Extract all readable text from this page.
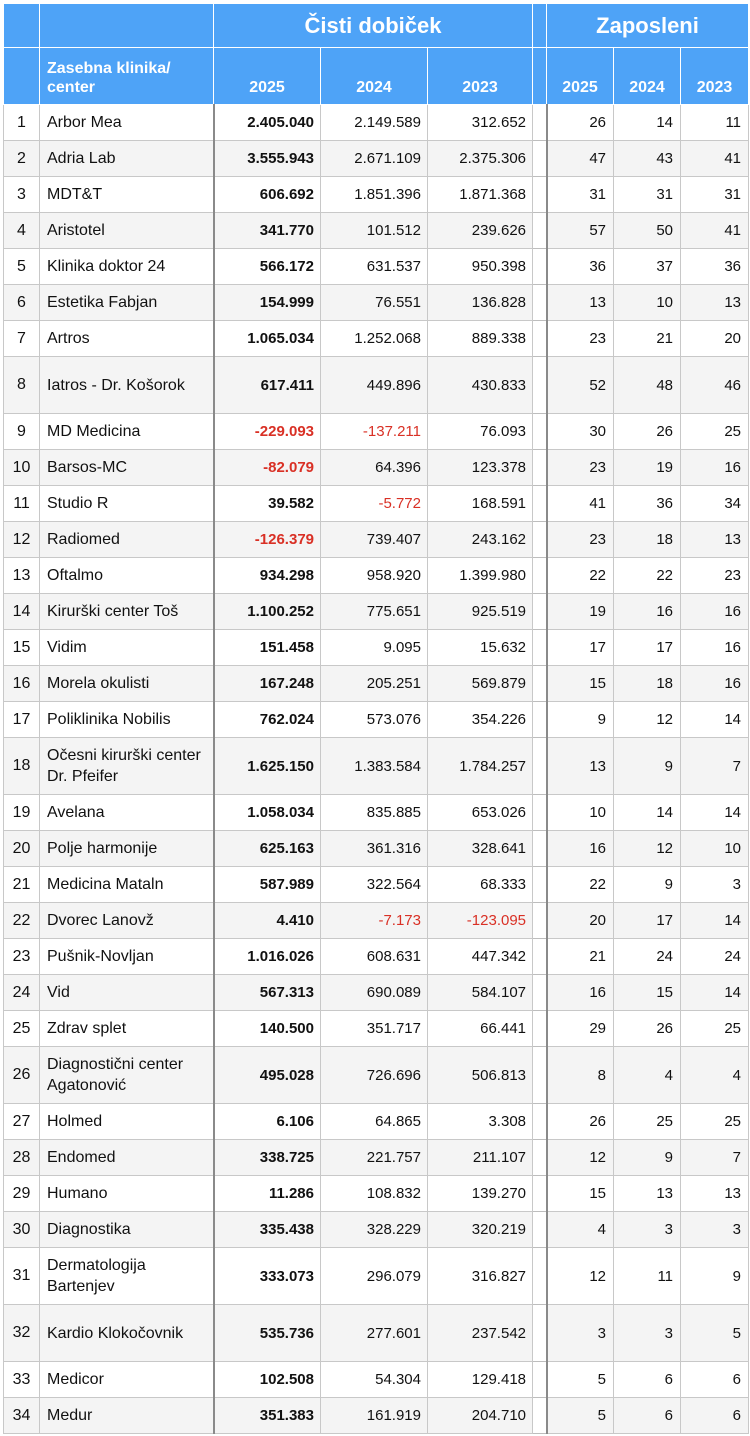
		Čisti dobiček				Zaposleni		
	Zasebna klinika/ center	2025	2024	2023		2025	2024	2023
1	Arbor Mea	2.405.040	2.149.589	312.652		26	14	11
2	Adria Lab	3.555.943	2.671.109	2.375.306		47	43	41
3	MDT&T	606.692	1.851.396	1.871.368		31	31	31
4	Aristotel	341.770	101.512	239.626		57	50	41
5	Klinika doktor 24	566.172	631.537	950.398		36	37	36
6	Estetika Fabjan	154.999	76.551	136.828		13	10	13
7	Artros	1.065.034	1.252.068	889.338		23	21	20
8	Iatros - Dr. Košorok	617.411	449.896	430.833		52	48	46
9	MD Medicina	-229.093	-137.211	76.093		30	26	25
10	Barsos-MC	-82.079	64.396	123.378		23	19	16
11	Studio R	39.582	-5.772	168.591		41	36	34
12	Radiomed	-126.379	739.407	243.162		23	18	13
13	Oftalmo	934.298	958.920	1.399.980		22	22	23
14	Kirurški center Toš	1.100.252	775.651	925.519		19	16	16
15	Vidim	151.458	9.095	15.632		17	17	16
16	Morela okulisti	167.248	205.251	569.879		15	18	16
17	Poliklinika Nobilis	762.024	573.076	354.226		9	12	14
18	Očesni kirurški center Dr. Pfeifer	1.625.150	1.383.584	1.784.257		13	9	7
19	Avelana	1.058.034	835.885	653.026		10	14	14
20	Polje harmonije	625.163	361.316	328.641		16	12	10
21	Medicina Mataln	587.989	322.564	68.333		22	9	3
22	Dvorec Lanovž	4.410	-7.173	-123.095		20	17	14
23	Pušnik-Novljan	1.016.026	608.631	447.342		21	24	24
24	Vid	567.313	690.089	584.107		16	15	14
25	Zdrav splet	140.500	351.717	66.441		29	26	25
26	Diagnostični center Agatonović	495.028	726.696	506.813		8	4	4
27	Holmed	6.106	64.865	3.308		26	25	25
28	Endomed	338.725	221.757	211.107		12	9	7
29	Humano	11.286	108.832	139.270		15	13	13
30	Diagnostika	335.438	328.229	320.219		4	3	3
31	Dermatologija Bartenjev	333.073	296.079	316.827		12	11	9
32	Kardio Klokočovnik	535.736	277.601	237.542		3	3	5
33	Medicor	102.508	54.304	129.418		5	6	6
34	Medur	351.383	161.919	204.710		5	6	6
